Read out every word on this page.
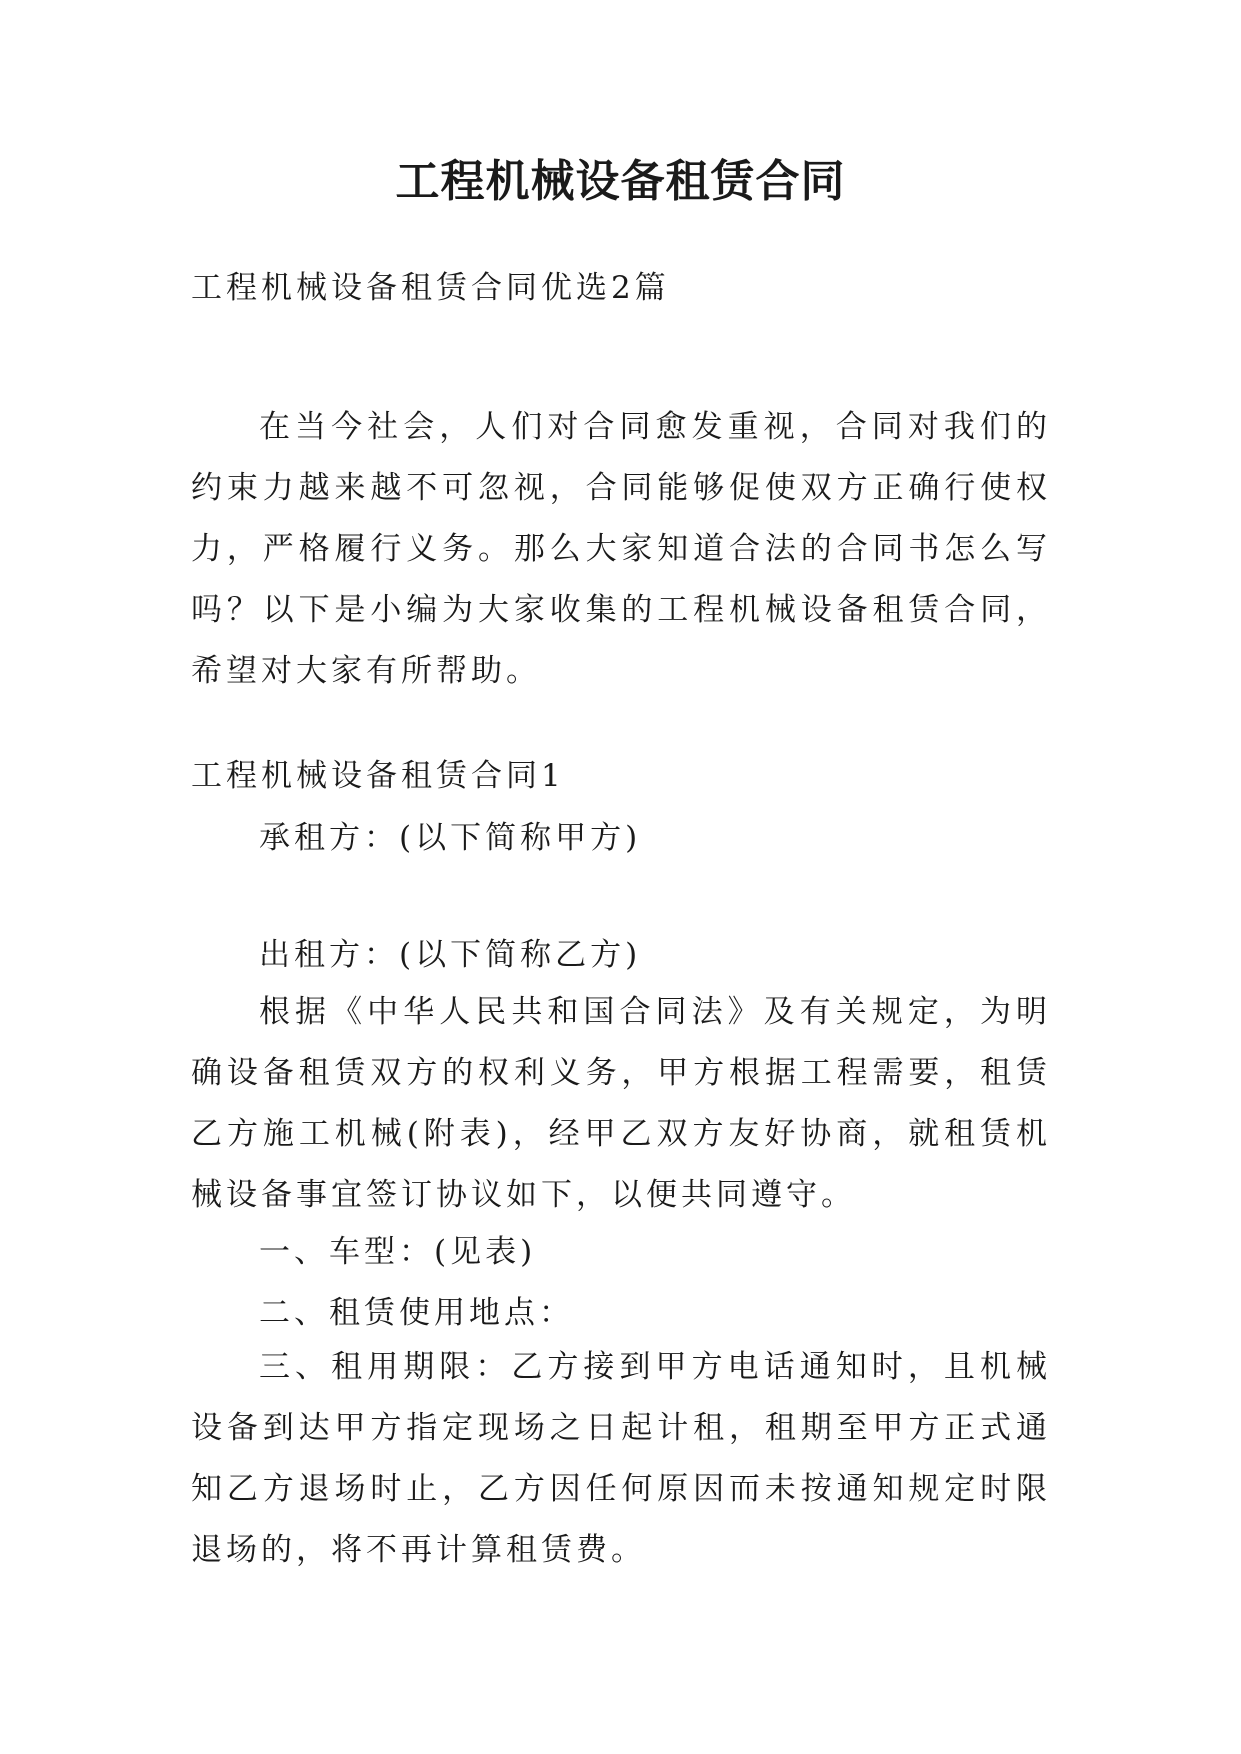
工程机械设备租赁合同

工程机械设备租赁合同优选2篇

在当今社会，人们对合同愈发重视，合同对我们的约束力越来越不可忽视，合同能够促使双方正确行使权力，严格履行义务。那么大家知道合法的合同书怎么写吗？以下是小编为大家收集的工程机械设备租赁合同，希望对大家有所帮助。

工程机械设备租赁合同1

承租方：(以下简称甲方)

出租方：(以下简称乙方)

根据《中华人民共和国合同法》及有关规定，为明确设备租赁双方的权利义务，甲方根据工程需要，租赁乙方施工机械(附表)，经甲乙双方友好协商，就租赁机械设备事宜签订协议如下，以便共同遵守。

一、车型：(见表)

二、租赁使用地点：

三、租用期限：乙方接到甲方电话通知时，且机械设备到达甲方指定现场之日起计租，租期至甲方正式通知乙方退场时止，乙方因任何原因而未按通知规定时限退场的，将不再计算租赁费。
